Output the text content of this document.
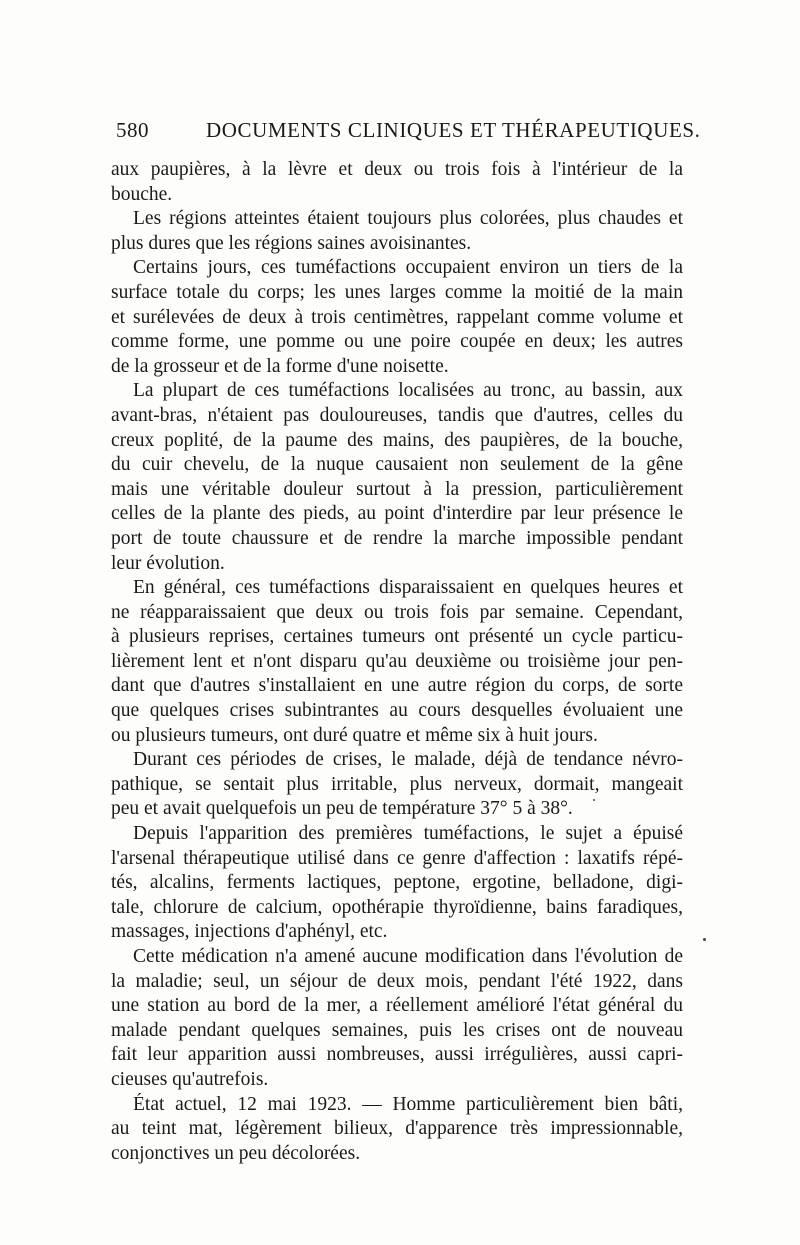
580	DOCUMENTS CLINIQUES ET THÉRAPEUTIQUES.
aux paupières, à la lèvre et deux ou trois fois à l'intérieur de la
bouche.
Les régions atteintes étaient toujours plus colorées, plus chaudes et
plus dures que les régions saines avoisinantes.
Certains jours, ces tuméfactions occupaient environ un tiers de la
surface totale du corps; les unes larges comme la moitié de la main
et surélevées de deux à trois centimètres, rappelant comme volume et
comme forme, une pomme ou une poire coupée en deux; les autres
de la grosseur et de la forme d'une noisette.
La plupart de ces tuméfactions localisées au tronc, au bassin, aux
avant-bras, n'étaient pas douloureuses, tandis que d'autres, celles du
creux poplité, de la paume des mains, des paupières, de la bouche,
du cuir chevelu, de la nuque causaient non seulement de la gêne
mais une véritable douleur surtout à la pression, particulièrement
celles de la plante des pieds, au point d'interdire par leur présence le
port de toute chaussure et de rendre la marche impossible pendant
leur évolution.
En général, ces tuméfactions disparaissaient en quelques heures et
ne réapparaissaient que deux ou trois fois par semaine. Cependant,
à plusieurs reprises, certaines tumeurs ont présenté un cycle particu-
lièrement lent et n'ont disparu qu'au deuxième ou troisième jour pen-
dant que d'autres s'installaient en une autre région du corps, de sorte
que quelques crises subintrantes au cours desquelles évoluaient une
ou plusieurs tumeurs, ont duré quatre et même six à huit jours.
Durant ces périodes de crises, le malade, déjà de tendance névro-
pathique, se sentait plus irritable, plus nerveux, dormait, mangeait
peu et avait quelquefois un peu de température 37° 5 à 38°.
Depuis l'apparition des premières tuméfactions, le sujet a épuisé
l'arsenal thérapeutique utilisé dans ce genre d'affection : laxatifs répé-
tés, alcalins, ferments lactiques, peptone, ergotine, belladone, digi-
tale, chlorure de calcium, opothérapie thyroïdienne, bains faradiques,
massages, injections d'aphényl, etc.
Cette médication n'a amené aucune modification dans l'évolution de
la maladie; seul, un séjour de deux mois, pendant l'été 1922, dans
une station au bord de la mer, a réellement amélioré l'état général du
malade pendant quelques semaines, puis les crises ont de nouveau
fait leur apparition aussi nombreuses, aussi irrégulières, aussi capri-
cieuses qu'autrefois.
État actuel, 12 mai 1923. — Homme particulièrement bien bâti,
au teint mat, légèrement bilieux, d'apparence très impressionnable,
conjonctives un peu décolorées.
